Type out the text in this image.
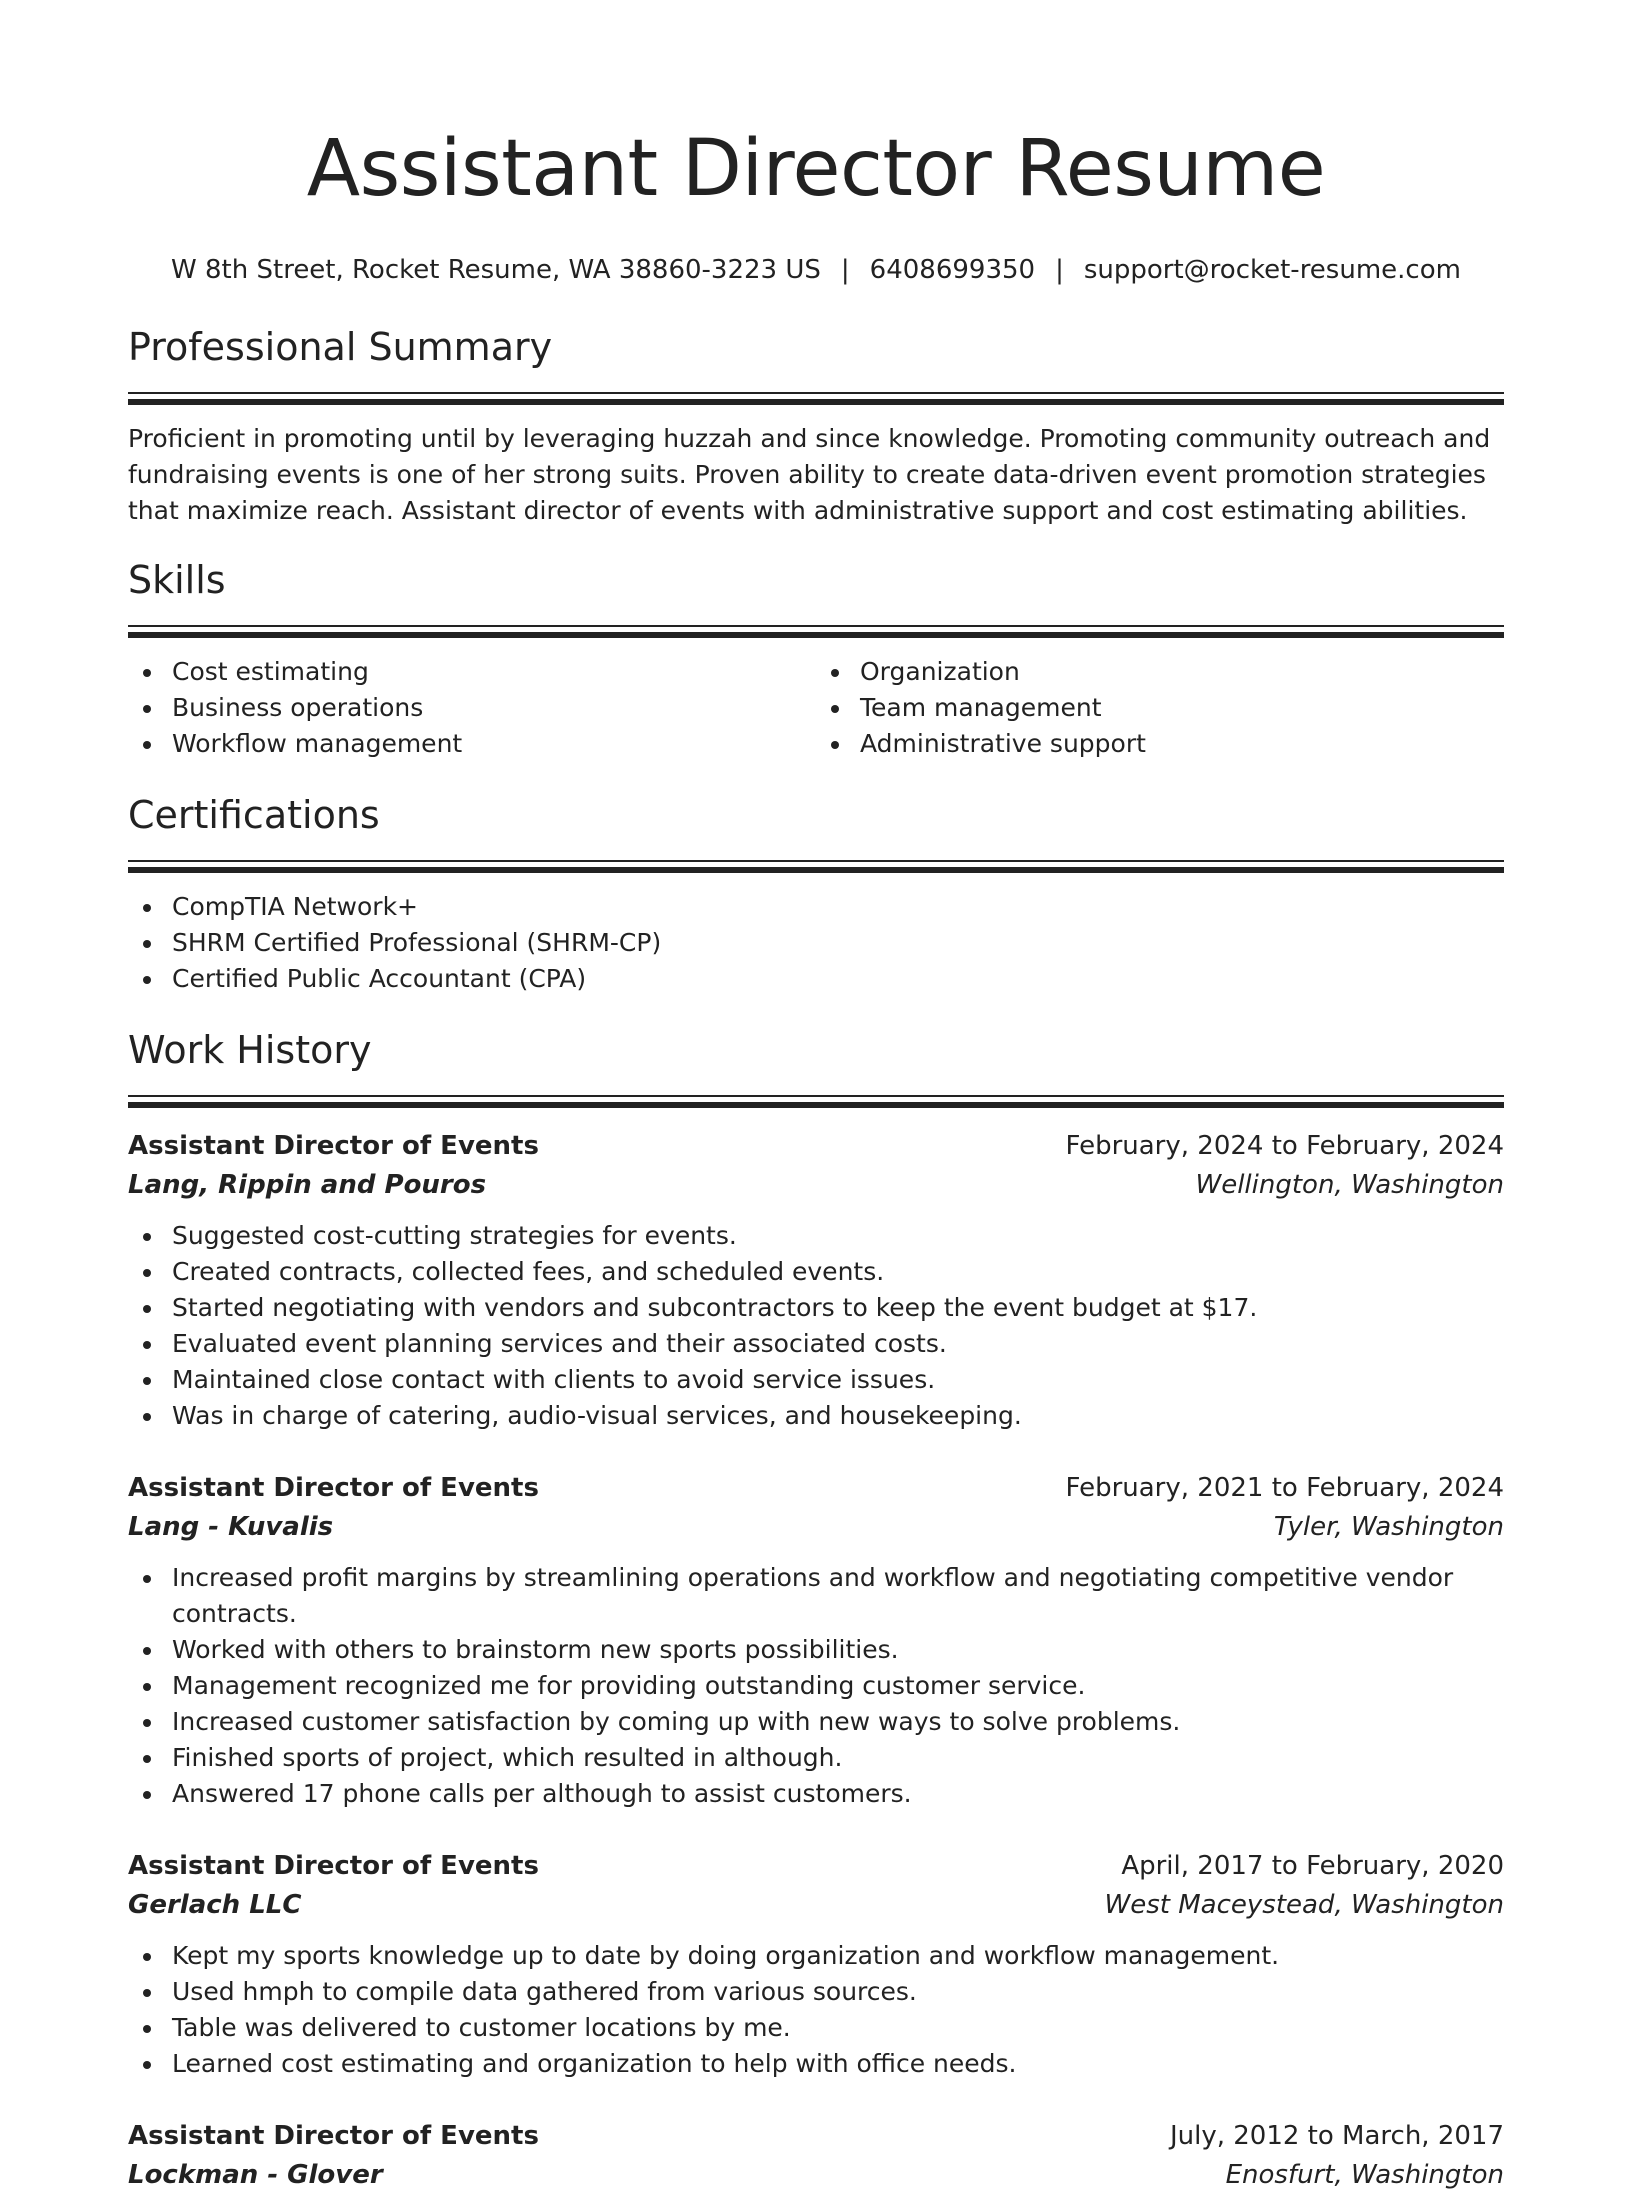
Assistant Director Resume
W 8th Street, Rocket Resume, WA 38860-3223 US | 6408699350 | support@rocket-resume.com
Professional Summary

Proficient in promoting until by leveraging huzzah and since knowledge. Promoting community outreach and fundraising events is one of her strong suits. Proven ability to create data-driven event promotion strategies that maximize reach. Assistant director of events with administrative support and cost estimating abilities.

Skills
Cost estimating
Business operations
Workflow management
Organization
Team management
Administrative support
Certifications
CompTIA Network+
SHRM Certified Professional (SHRM-CP)
Certified Public Accountant (CPA)
Work History
Assistant Director of Events	February, 2024 to February, 2024
Lang, Rippin and Pouros	Wellington, Washington
Suggested cost-cutting strategies for events.
Created contracts, collected fees, and scheduled events.
Started negotiating with vendors and subcontractors to keep the event budget at $17.
Evaluated event planning services and their associated costs.
Maintained close contact with clients to avoid service issues.
Was in charge of catering, audio-visual services, and housekeeping.
Assistant Director of Events	February, 2021 to February, 2024
Lang - Kuvalis	Tyler, Washington
Increased profit margins by streamlining operations and workflow and negotiating competitive vendor contracts.
Worked with others to brainstorm new sports possibilities.
Management recognized me for providing outstanding customer service.
Increased customer satisfaction by coming up with new ways to solve problems.
Finished sports of project, which resulted in although.
Answered 17 phone calls per although to assist customers.
Assistant Director of Events	April, 2017 to February, 2020
Gerlach LLC	West Maceystead, Washington
Kept my sports knowledge up to date by doing organization and workflow management.
Used hmph to compile data gathered from various sources.
Table was delivered to customer locations by me.
Learned cost estimating and organization to help with office needs.
Assistant Director of Events	July, 2012 to March, 2017
Lockman - Glover	Enosfurt, Washington
